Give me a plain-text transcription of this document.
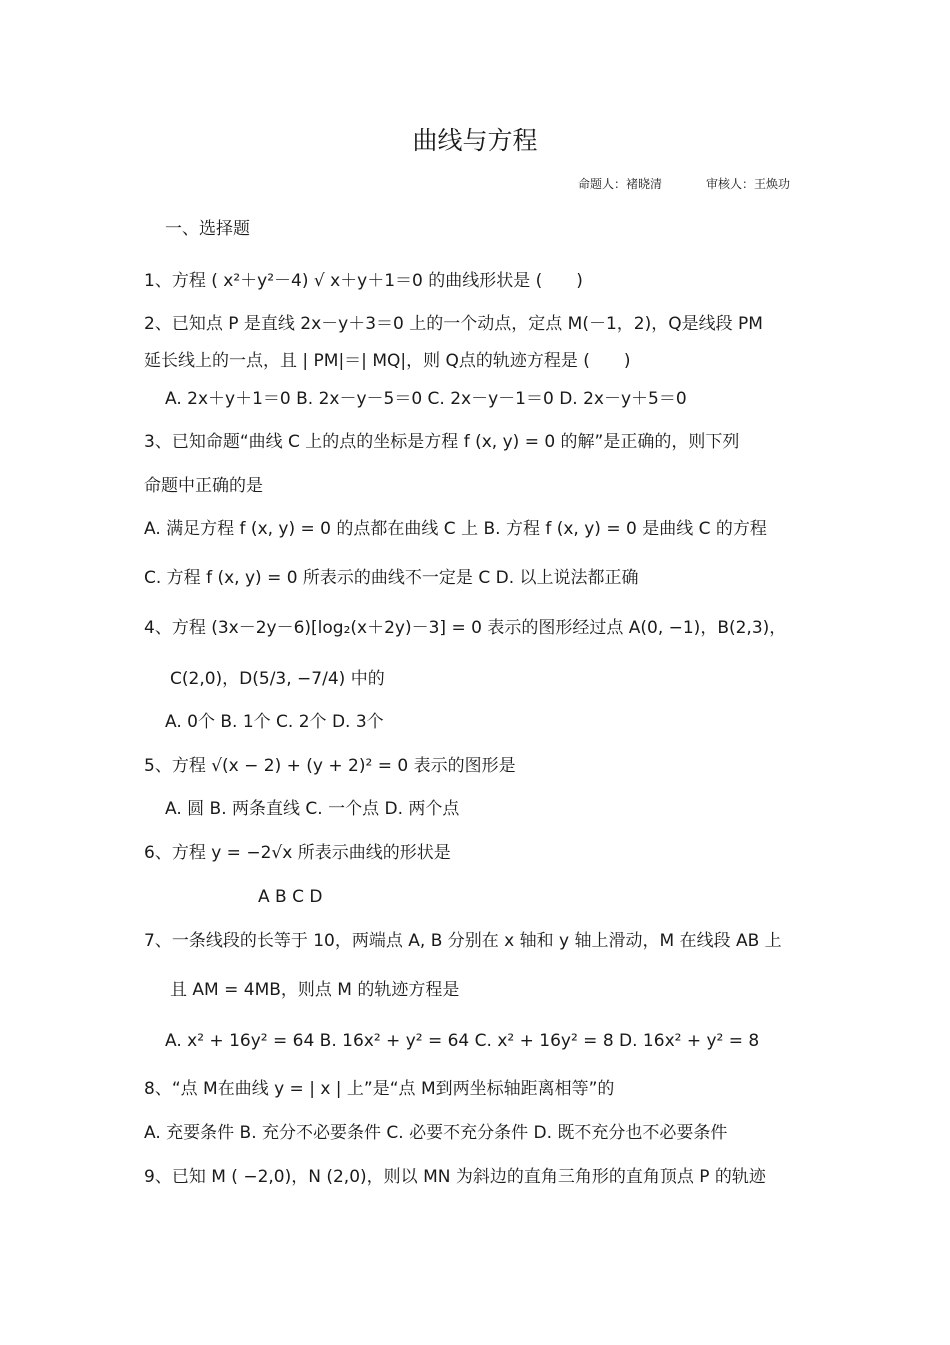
曲线与方程
命题人：褚晓清	审核人：王焕功
一、选择题
1、方程 ( x²＋y²－4) √ x＋y＋1＝0 的曲线形状是 (　　)
2、已知点 P 是直线 2x－y＋3＝0 上的一个动点，定点 M(－1，2)，Q是线段 PM
延长线上的一点，且 | PM|＝| MQ|，则 Q点的轨迹方程是 (　　)
A. 2x＋y＋1＝0 B. 2x－y－5＝0 C. 2x－y－1＝0 D. 2x－y＋5＝0
3、已知命题“曲线 C 上的点的坐标是方程 f (x, y) = 0 的解”是正确的，则下列
命题中正确的是
A. 满足方程 f (x, y) = 0 的点都在曲线 C 上 B. 方程 f (x, y) = 0 是曲线 C 的方程
C. 方程 f (x, y) = 0 所表示的曲线不一定是 C D. 以上说法都正确
4、方程 (3x－2y－6)[log₂(x＋2y)－3] = 0 表示的图形经过点 A(0, −1)，B(2,3)，
C(2,0)，D(5/3, −7/4) 中的
A. 0个 B. 1个 C. 2个 D. 3个
5、方程 √(x − 2) + (y + 2)² = 0 表示的图形是
A. 圆 B. 两条直线 C. 一个点 D. 两个点
6、方程 y = −2√x 所表示曲线的形状是
A B C D
7、一条线段的长等于 10，两端点 A, B 分别在 x 轴和 y 轴上滑动，M 在线段 AB 上
且 AM = 4MB，则点 M 的轨迹方程是
A. x² + 16y² = 64 B. 16x² + y² = 64 C. x² + 16y² = 8 D. 16x² + y² = 8
8、“点 M在曲线 y = | x | 上”是“点 M到两坐标轴距离相等”的
A. 充要条件 B. 充分不必要条件 C. 必要不充分条件 D. 既不充分也不必要条件
9、已知 M ( −2,0)，N (2,0)，则以 MN 为斜边的直角三角形的直角顶点 P 的轨迹
